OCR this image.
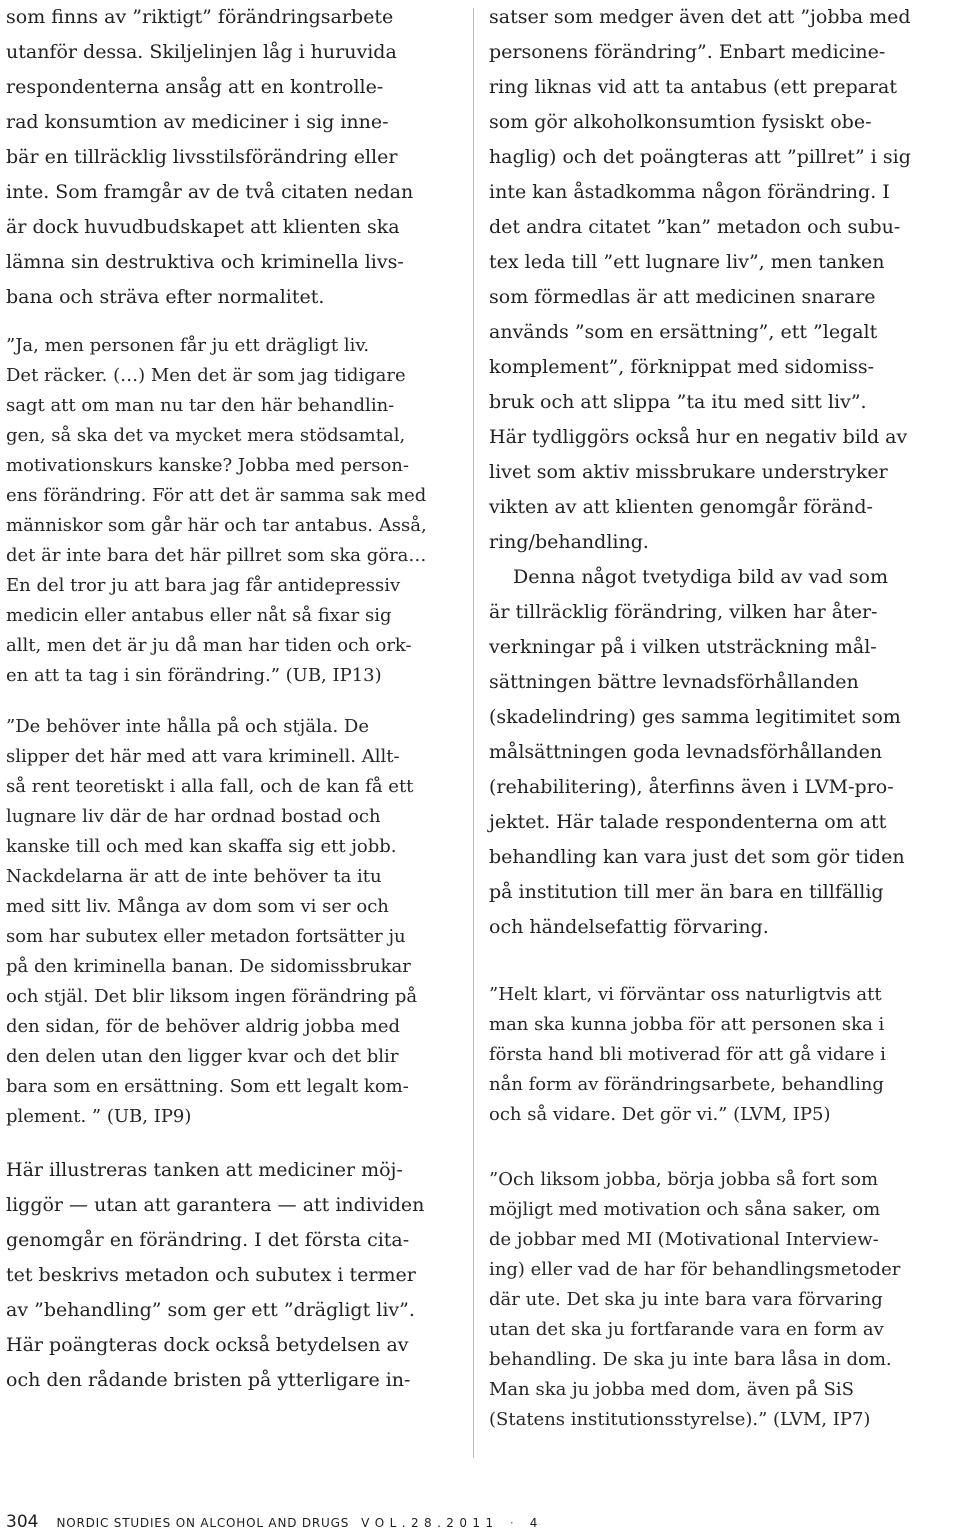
som finns av ”riktigt” förändringsarbete
utanför dessa. Skiljelinjen låg i huruvida
respondenterna ansåg att en kontrolle-
rad konsumtion av mediciner i sig inne-
bär en tillräcklig livsstilsförändring eller
inte. Som framgår av de två citaten nedan
är dock huvudbudskapet att klienten ska
lämna sin destruktiva och kriminella livs-
bana och sträva efter normalitet.
”Ja, men personen får ju ett drägligt liv.
Det räcker. (…) Men det är som jag tidigare
sagt att om man nu tar den här behandlin-
gen, så ska det va mycket mera stödsamtal,
motivationskurs kanske? Jobba med person-
ens förändring. För att det är samma sak med
människor som går här och tar antabus. Asså,
det är inte bara det här pillret som ska göra…
En del tror ju att bara jag får antidepressiv
medicin eller antabus eller nåt så fixar sig
allt, men det är ju då man har tiden och ork-
en att ta tag i sin förändring.” (UB, IP13)
”De behöver inte hålla på och stjäla. De
slipper det här med att vara kriminell. Allt-
så rent teoretiskt i alla fall, och de kan få ett
lugnare liv där de har ordnad bostad och
kanske till och med kan skaffa sig ett jobb.
Nackdelarna är att de inte behöver ta itu
med sitt liv. Många av dom som vi ser och
som har subutex eller metadon fortsätter ju
på den kriminella banan. De sidomissbrukar
och stjäl. Det blir liksom ingen förändring på
den sidan, för de behöver aldrig jobba med
den delen utan den ligger kvar och det blir
bara som en ersättning. Som ett legalt kom-
plement. ” (UB, IP9)
Här illustreras tanken att mediciner möj-
liggör — utan att garantera — att individen
genomgår en förändring. I det första cita-
tet beskrivs metadon och subutex i termer
av ”behandling” som ger ett ”drägligt liv”.
Här poängteras dock också betydelsen av
och den rådande bristen på ytterligare in-
satser som medger även det att ”jobba med
personens förändring”. Enbart medicine-
ring liknas vid att ta antabus (ett preparat
som gör alkoholkonsumtion fysiskt obe-
haglig) och det poängteras att ”pillret” i sig
inte kan åstadkomma någon förändring. I
det andra citatet ”kan” metadon och subu-
tex leda till ”ett lugnare liv”, men tanken
som förmedlas är att medicinen snarare
används ”som en ersättning”, ett ”legalt
komplement”, förknippat med sidomiss-
bruk och att slippa ”ta itu med sitt liv”.
Här tydliggörs också hur en negativ bild av
livet som aktiv missbrukare understryker
vikten av att klienten genomgår föränd-
ring/behandling.
Denna något tvetydiga bild av vad som
är tillräcklig förändring, vilken har åter-
verkningar på i vilken utsträckning mål-
sättningen bättre levnadsförhållanden
(skadelindring) ges samma legitimitet som
målsättningen goda levnadsförhållanden
(rehabilitering), återfinns även i LVM-pro-
jektet. Här talade respondenterna om att
behandling kan vara just det som gör tiden
på institution till mer än bara en tillfällig
och händelsefattig förvaring.
”Helt klart, vi förväntar oss naturligtvis att
man ska kunna jobba för att personen ska i
första hand bli motiverad för att gå vidare i
nån form av förändringsarbete, behandling
och så vidare. Det gör vi.” (LVM, IP5)
”Och liksom jobba, börja jobba så fort som
möjligt med motivation och såna saker, om
de jobbar med MI (Motivational Interview-
ing) eller vad de har för behandlingsmetoder
där ute. Det ska ju inte bara vara förvaring
utan det ska ju fortfarande vara en form av
behandling. De ska ju inte bara låsa in dom.
Man ska ju jobba med dom, även på SiS
(Statens institutionsstyrelse).” (LVM, IP7)
304 NORDIC STUDIES ON ALCOHOL AND DRUGS V O L . 2 8 . 2 0 1 1 · 4
